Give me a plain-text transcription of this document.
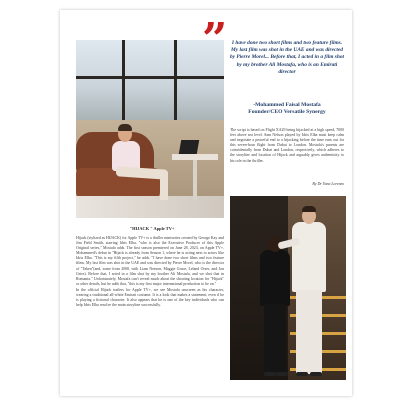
” I have done two short films and two feature films. My last film was shot in the UAE and was directed by Pierre Morel... Before that, I acted in a film shot by my brother Ali Mostafa, who is an Emirati director
-Mohammed Faisal Mostafa
Founder/CEO Versatile Synergy
The script is based on Flight XA29 being hijacked at a high speed, 7000 feet above sea level. Sam Nelson played by Idris Elba must keep calm and negotiate a peaceful end to a hijacking before the time runs out for this seven-hour flight from Dubai to London. Mostafa's parents are coincidentally from Dubai and London, respectively, which adheres to the storyline and location of Hijack and arguably gives authenticity to his role in the thriller.
By Dr Yana Lorenzo
"HIJACK " Apple TV+

Hijack (stylized as HIJACK) for Apple TV+ is a thriller miniseries created by George Kay and Jim Field Smith, starring Idris Elba, "who is also the Executive Producer of this Apple Original series," Mostafa adds. The first season premiered on June 28, 2023, on Apple TV+. Mohammed's debut in "Hijack is already from Season 1, where he is acting next to actors like Idris Elba. "This is my fifth project," he adds. "I have done two short films and two feature films. My last film was shot in the UAE and was directed by Pierre Morel, who is the director of "Taken"(and, some from 2008, with Liam Neeson, Maggie Grace, Leland Orser, and Jon Gries). Before that, I acted in a film shot by my brother Ali Mostafa, and we shot that in Romania." Unfortunately, Mostafa can't reveal much about the shooting location for "Hijack" or other details, but he adds that, "this is my first major international production to be on."

In the official Hijack trailers for Apple TV+, we see Mostafa onscreen as his character, wearing a traditional all-white Emirati costume. It is a look that makes a statement, even if he is playing a fictional character. It also appears that he is one of the key individuals who can help Idris Elba resolve the main storyline successfully.
